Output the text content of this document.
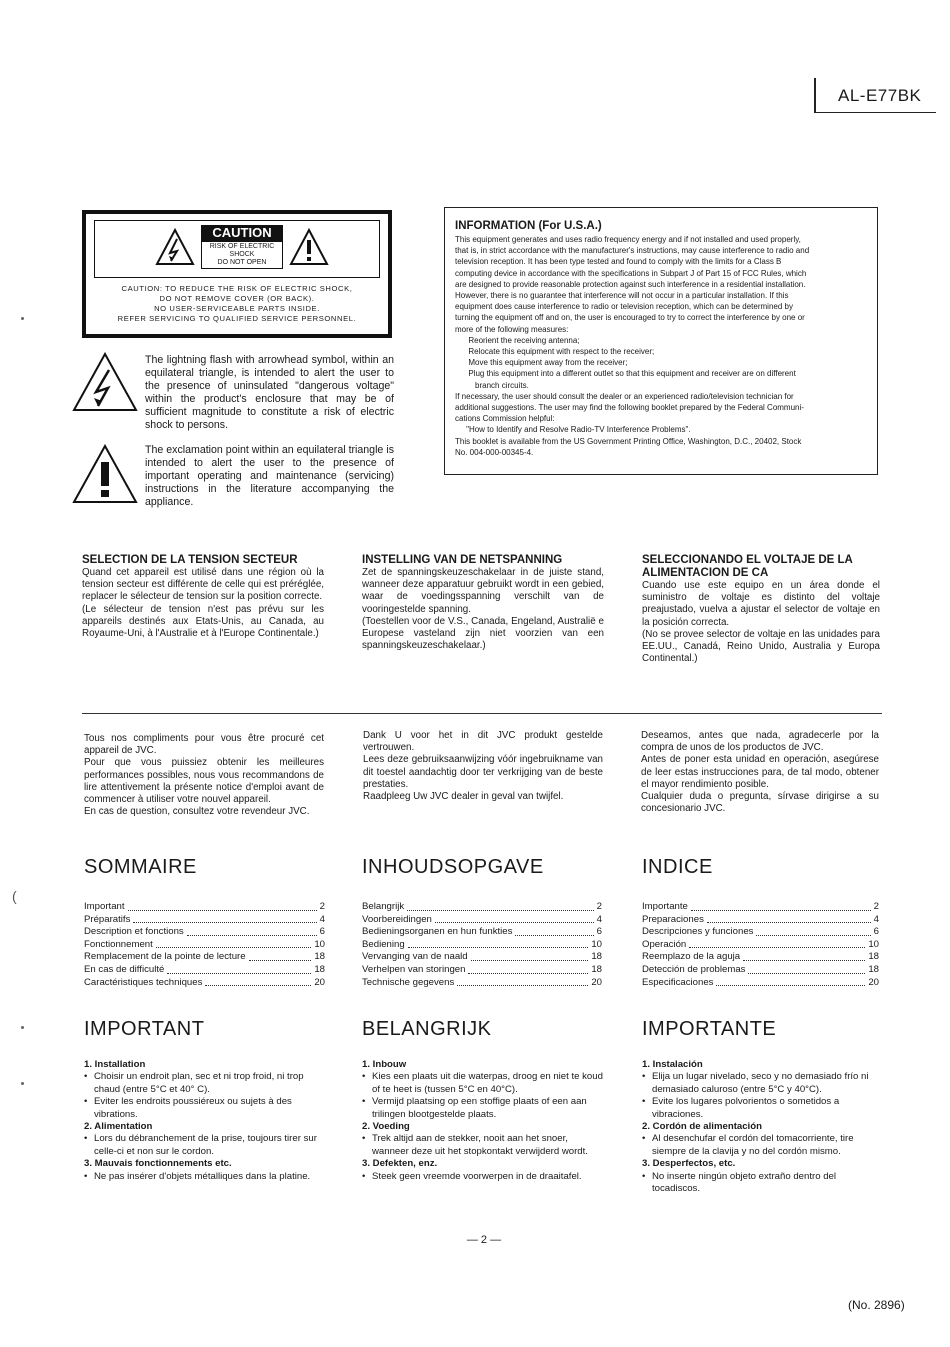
AL-E77BK
CAUTION
RISK OF ELECTRIC SHOCK
DO NOT OPEN
CAUTION: TO REDUCE THE RISK OF ELECTRIC SHOCK,
DO NOT REMOVE COVER (OR BACK).
NO USER-SERVICEABLE PARTS INSIDE.
REFER SERVICING TO QUALIFIED SERVICE PERSONNEL.
The lightning flash with arrowhead symbol, within an equilateral triangle, is intended to alert the user to the presence of uninsulated "dangerous voltage" within the product's enclosure that may be of sufficient magnitude to constitute a risk of electric shock to persons.
The exclamation point within an equilateral triangle is intended to alert the user to the presence of important operating and maintenance (servicing) instructions in the literature accompanying the appliance.
INFORMATION (For U.S.A.)
This equipment generates and uses radio frequency energy and if not installed and used properly,
that is, in strict accordance with the manufacturer's instructions, may cause interference to radio and
television reception. It has been type tested and found to comply with the limits for a Class B
computing device in accordance with the specifications in Subpart J of Part 15 of FCC Rules, which
are designed to provide reasonable protection against such interference in a residential installation.
However, there is no guarantee that interference will not occur in a particular installation. If this
equipment does cause interference to radio or television reception, which can be determined by
turning the equipment off and on, the user is encouraged to try to correct the interference by one or
more of the following measures:
Reorient the receiving antenna;
Relocate this equipment with respect to the receiver;
Move this equipment away from the receiver;
Plug this equipment into a different outlet so that this equipment and receiver are on different
branch circuits.
If necessary, the user should consult the dealer or an experienced radio/television technician for
additional suggestions. The user may find the following booklet prepared by the Federal Communi-
cations Commission helpful:
"How to Identify and Resolve Radio-TV Interference Problems".
This booklet is available from the US Government Printing Office, Washington, D.C., 20402, Stock
No. 004-000-00345-4.
SELECTION DE LA TENSION SECTEUR
Quand cet appareil est utilisé dans une région où la tension secteur est différente de celle qui est préréglée, replacer le sélecteur de tension sur la position correcte.
(Le sélecteur de tension n'est pas prévu sur les appareils destinés aux Etats-Unis, au Canada, au Royaume-Uni, à l'Australie et à l'Europe Continentale.)
INSTELLING VAN DE NETSPANNING
Zet de spanningskeuzeschakelaar in de juiste stand, wanneer deze apparatuur gebruikt wordt in een gebied, waar de voedingsspanning verschilt van de vooringestelde spanning.
(Toestellen voor de V.S., Canada, Engeland, Australië e Europese vasteland zijn niet voorzien van een spanningskeuzeschakelaar.)
SELECCIONANDO EL VOLTAJE DE LA ALIMENTACION DE CA
Cuando use este equipo en un área donde el suministro de voltaje es distinto del voltaje preajustado, vuelva a ajustar el selector de voltaje en la posición correcta.
(No se provee selector de voltaje en las unidades para EE.UU., Canadá, Reino Unido, Australia y Europa Continental.)
Tous nos compliments pour vous être procuré cet appareil de JVC.
Pour que vous puissiez obtenir les meilleures performances possibles, nous vous recommandons de lire attentivement la présente notice d'emploi avant de commencer à utiliser votre nouvel appareil.
En cas de question, consultez votre revendeur JVC.
Dank U voor het in dit JVC produkt gestelde vertrouwen.
Lees deze gebruiksaanwijzing vóór ingebruikname van dit toestel aandachtig door ter verkrijging van de beste prestaties.
Raadpleeg Uw JVC dealer in geval van twijfel.
Deseamos, antes que nada, agradecerle por la compra de unos de los productos de JVC.
Antes de poner esta unidad en operación, asegúrese de leer estas instrucciones para, de tal modo, obtener el mayor rendimiento posible.
Cualquier duda o pregunta, sírvase dirigirse a su concesionario JVC.
SOMMAIRE
Important	2
Préparatifs	4
Description et fonctions	6
Fonctionnement	10
Remplacement de la pointe de lecture	18
En cas de difficulté	18
Caractéristiques techniques	20
INHOUDSOPGAVE
Belangrijk	2
Voorbereidingen	4
Bedieningsorganen en hun funkties	6
Bediening	10
Vervanging van de naald	18
Verhelpen van storingen	18
Technische gegevens	20
INDICE
Importante	2
Preparaciones	4
Descripciones y funciones	6
Operación	10
Reemplazo de la aguja	18
Detección de problemas	18
Especificaciones	20
IMPORTANT
1. Installation
• Choisir un endroit plan, sec et ni trop froid, ni trop chaud (entre 5°C et 40° C).
• Eviter les endroits poussiéreux ou sujets à des vibrations.
2. Alimentation
• Lors du débranchement de la prise, toujours tirer sur celle-ci et non sur le cordon.
3. Mauvais fonctionnements etc.
• Ne pas insérer d'objets métalliques dans la platine.
BELANGRIJK
1. Inbouw
• Kies een plaats uit die waterpas, droog en niet te koud of te heet is (tussen 5°C en 40°C).
• Vermijd plaatsing op een stoffige plaats of een aan trilingen blootgestelde plaats.
2. Voeding
• Trek altijd aan de stekker, nooit aan het snoer, wanneer deze uit het stopkontakt verwijderd wordt.
3. Defekten, enz.
• Steek geen vreemde voorwerpen in de draaitafel.
IMPORTANTE
1. Instalación
• Elija un lugar nivelado, seco y no demasiado frío ni demasiado caluroso (entre 5°C y 40°C).
• Evite los lugares polvorientos o sometidos a vibraciones.
2. Cordón de alimentación
• Al desenchufar el cordón del tomacorriente, tire siempre de la clavija y no del cordón mismo.
3. Desperfectos, etc.
• No inserte ningún objeto extraño dentro del tocadiscos.
— 2 —
(No. 2896)
(
